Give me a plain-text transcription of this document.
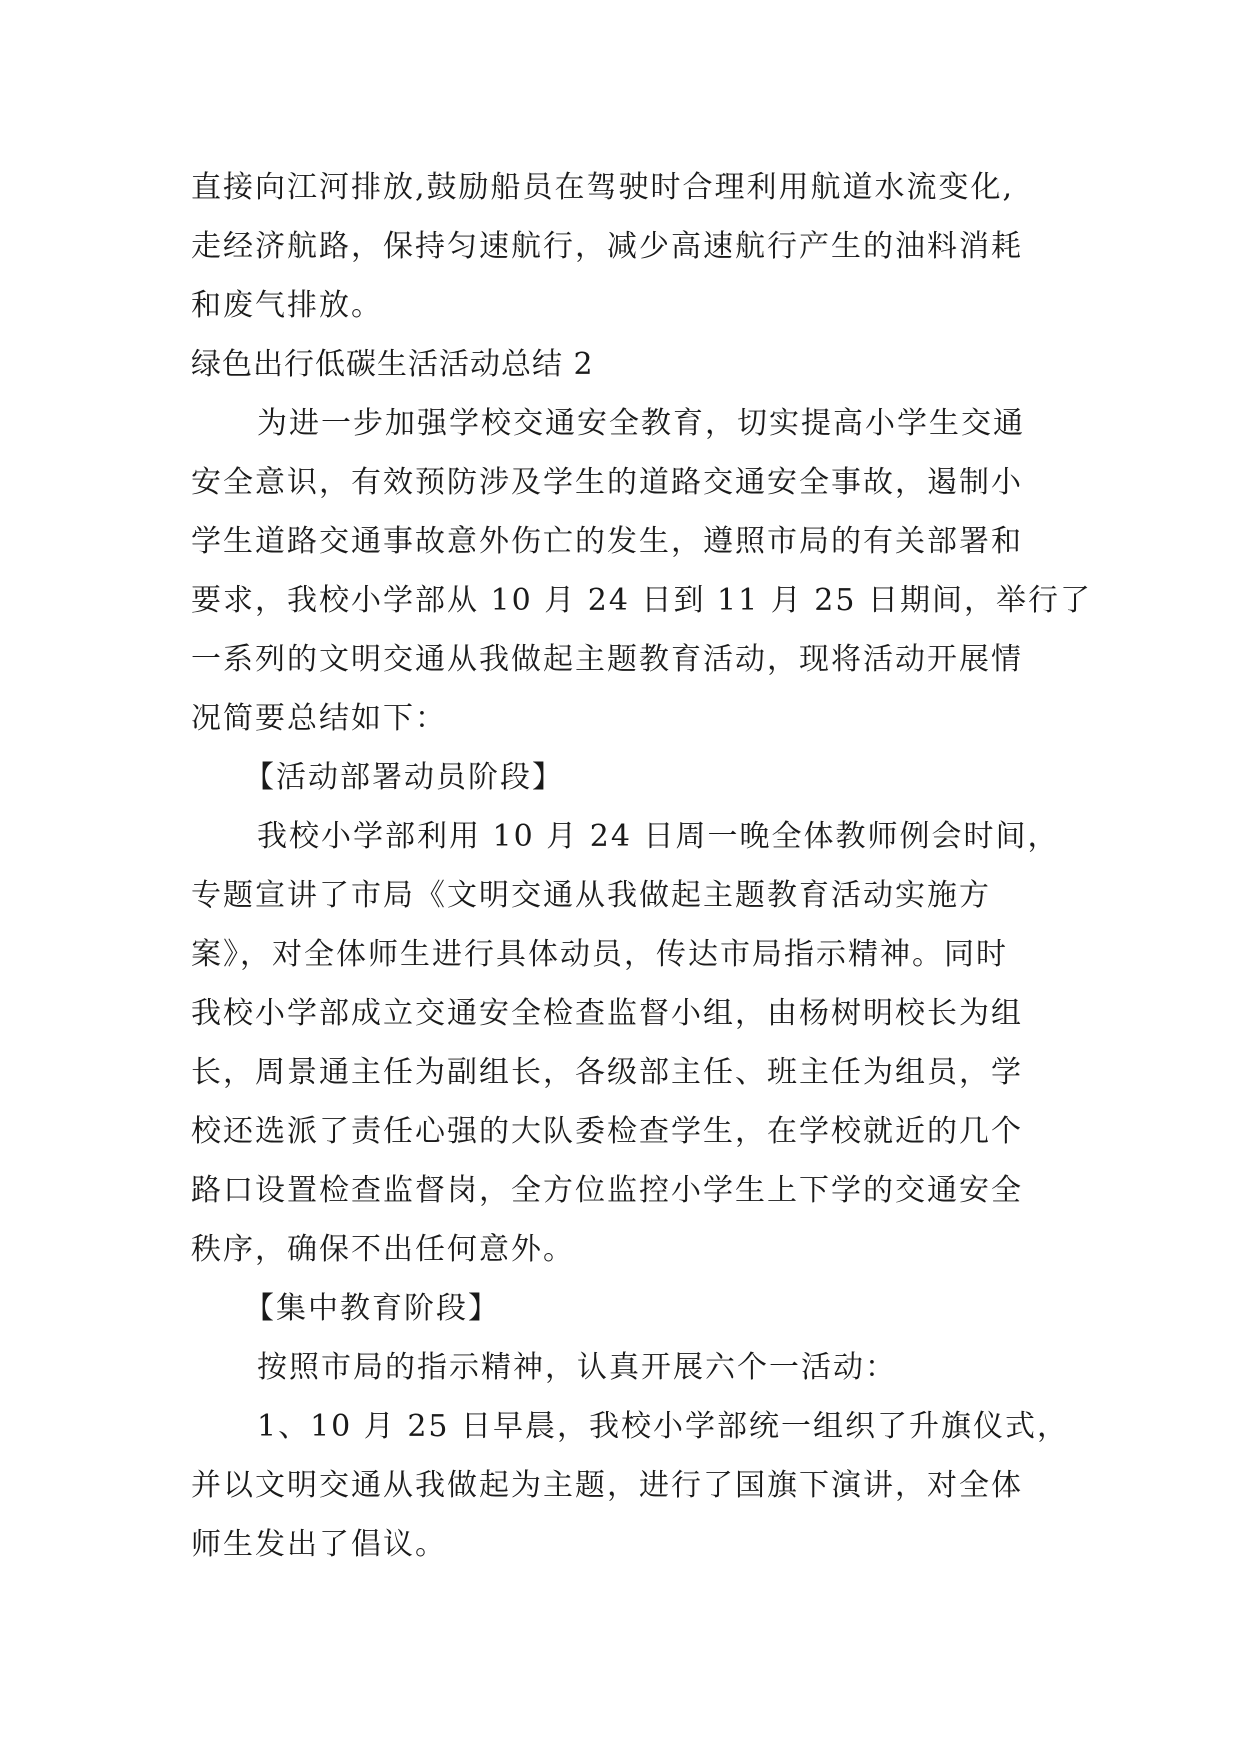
直接向江河排放,鼓励船员在驾驶时合理利用航道水流变化,
走经济航路，保持匀速航行，减少高速航行产生的油料消耗
和废气排放。
绿色出行低碳生活活动总结 2
为进一步加强学校交通安全教育，切实提高小学生交通
安全意识，有效预防涉及学生的道路交通安全事故，遏制小
学生道路交通事故意外伤亡的发生，遵照市局的有关部署和
要求，我校小学部从 10 月 24 日到 11 月 25 日期间，举行了
一系列的文明交通从我做起主题教育活动，现将活动开展情
况简要总结如下：
【活动部署动员阶段】
我校小学部利用 10 月 24 日周一晚全体教师例会时间，
专题宣讲了市局《文明交通从我做起主题教育活动实施方
案》，对全体师生进行具体动员，传达市局指示精神。同时
我校小学部成立交通安全检查监督小组，由杨树明校长为组
长，周景通主任为副组长，各级部主任、班主任为组员，学
校还选派了责任心强的大队委检查学生，在学校就近的几个
路口设置检查监督岗，全方位监控小学生上下学的交通安全
秩序，确保不出任何意外。
【集中教育阶段】
按照市局的指示精神，认真开展六个一活动：
1、10 月 25 日早晨，我校小学部统一组织了升旗仪式，
并以文明交通从我做起为主题，进行了国旗下演讲，对全体
师生发出了倡议。
